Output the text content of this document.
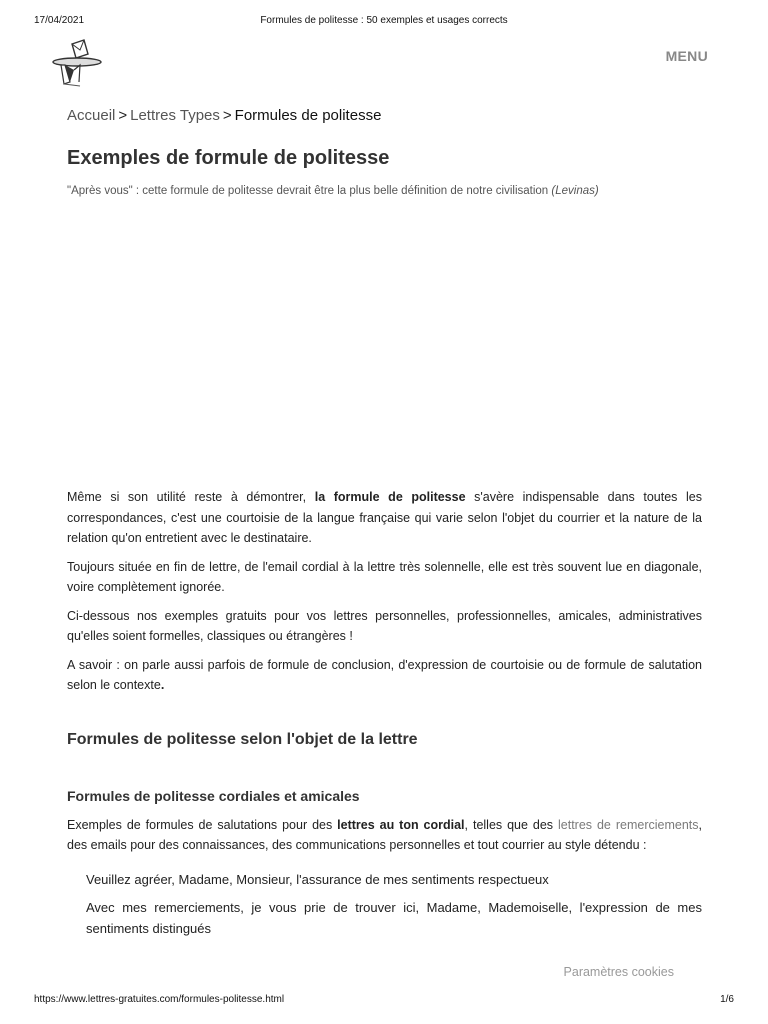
17/04/2021	Formules de politesse : 50 exemples et usages corrects
MENU
Accueil > Lettres Types > Formules de politesse
Exemples de formule de politesse
"Après vous" : cette formule de politesse devrait être la plus belle définition de notre civilisation (Levinas)

Même si son utilité reste à démontrer, la formule de politesse s'avère indispensable dans toutes les correspondances, c'est une courtoisie de la langue française qui varie selon l'objet du courrier et la nature de la relation qu'on entretient avec le destinataire.

Toujours située en fin de lettre, de l'email cordial à la lettre très solennelle, elle est très souvent lue en diagonale, voire complètement ignorée.

Ci-dessous nos exemples gratuits pour vos lettres personnelles, professionnelles, amicales, administratives qu'elles soient formelles, classiques ou étrangères !

A savoir : on parle aussi parfois de formule de conclusion, d'expression de courtoisie ou de formule de salutation selon le contexte.

Formules de politesse selon l'objet de la lettre
Formules de politesse cordiales et amicales

Exemples de formules de salutations pour des lettres au ton cordial, telles que des lettres de remerciements, des emails pour des connaissances, des communications personnelles et tout courrier au style détendu :

Veuillez agréer, Madame, Monsieur, l'assurance de mes sentiments respectueux

Avec mes remerciements, je vous prie de trouver ici, Madame, Mademoiselle, l'expression de mes sentiments distingués

Paramètres cookies
https://www.lettres-gratuites.com/formules-politesse.html	1/6
